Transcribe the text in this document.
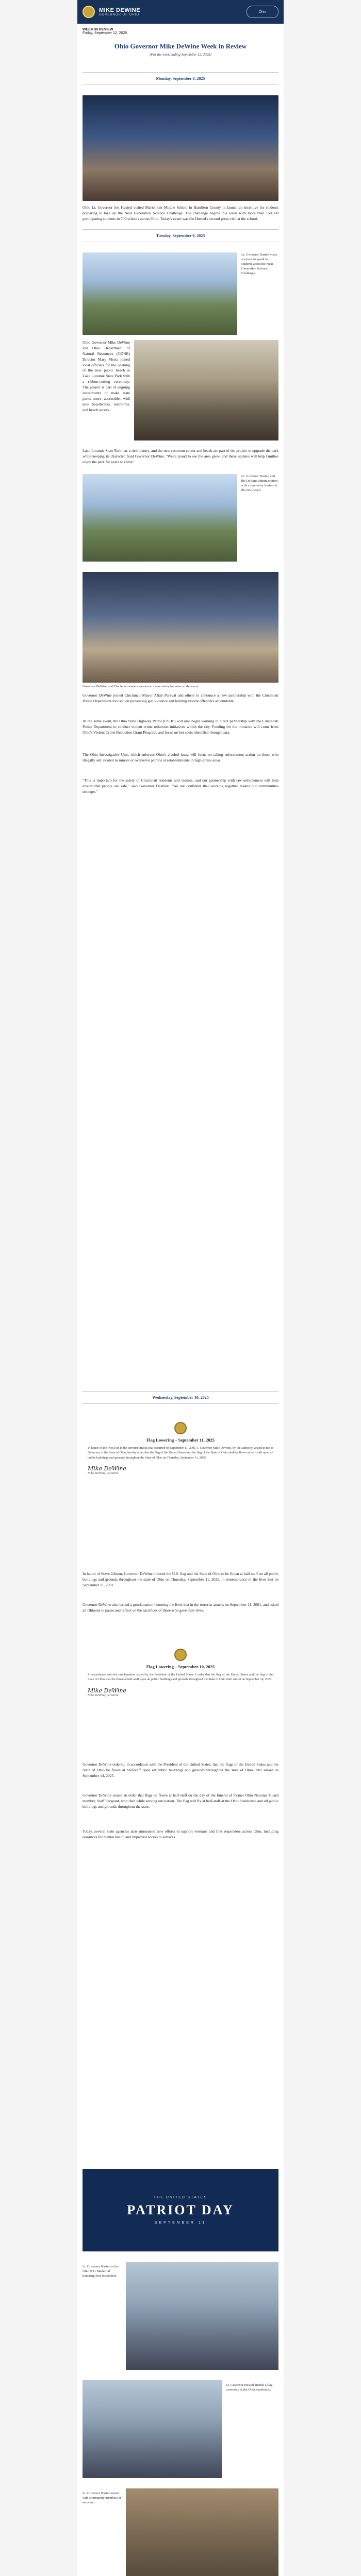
MIKE DEWINE
GOVERNOR OF OHIO
Ohio
WEEK IN REVIEW
Friday, September 12, 2025
Ohio Governor Mike DeWine Week in Review
(For the week ending September 12, 2025)
Monday, September 8, 2025
Ohio Lt. Governor Jon Husted visited Mariemont Middle School in Hamilton County to launch an incentive for students preparing to take on the Next Generation Science Challenge. The challenge begins this week with more than 150,000 participating students in 700 schools across Ohio. Today's event was the Husted's second press visit at the school.
Tuesday, September 9, 2025
Lt. Governor Husted visits a school to speak to students about the Next Generation Science Challenge.
Ohio Governor Mike DeWine and Ohio Department of Natural Resources (ODNR) Director Mary Mertz joined local officials for the opening of the new public beach at Lake Loramie State Park with a ribbon-cutting ceremony. The project is part of ongoing investments to make state parks more accessible, with new boardwalks, restrooms, and beach access.
Lake Loramie State Park has a rich history, and the new restroom center and beach are part of the project to upgrade the park while keeping its character. Said Governor DeWine, "We're proud to see the area grow, and these updates will help families enjoy the park for years to come."
Lt. Governor Husted and the DeWine administration with community leaders at the new beach.
Governor DeWine and Cincinnati leaders announce a new safety initiative at the event.
Governor DeWine joined Cincinnati Mayor Aftab Pureval and others to announce a new partnership with the Cincinnati Police Department focused on preventing gun violence and holding violent offenders accountable.
At the same event, the Ohio State Highway Patrol (OSHP) will also begin working in direct partnership with the Cincinnati Police Department to conduct violent crime reduction initiatives within the city. Funding for the initiative will come from Ohio's Violent Crime Reduction Grant Program, and focus on hot spots identified through data.
The Ohio Investigative Unit, which enforces Ohio's alcohol laws, will focus on taking enforcement action on those who illegally sell alcohol to minors or overserve patrons at establishments in high-crime areas.
"This is important for the safety of Cincinnati residents and visitors, and our partnership with law enforcement will help ensure that people are safe," said Governor DeWine. "We are confident that working together makes our communities stronger."
Wednesday, September 10, 2025
Flag Lowering – September 11, 2025
In honor of the lives lost in the terrorist attacks that occurred on September 11, 2001, I, Governor Mike DeWine, by the authority vested in me as Governor of the State of Ohio, hereby order that the flag of the United States and the flag of the State of Ohio shall be flown at half-staff upon all public buildings and grounds throughout the State of Ohio on Thursday, September 11, 2025.
Mike DeWine
Mike DeWine, Governor
In honor of Steve Gibson, Governor DeWine ordered the U.S. flag and the State of Ohio to be flown at half-staff on all public buildings and grounds throughout the state of Ohio on Thursday, September 11, 2025, in remembrance of the lives lost on September 11, 2001.
Governor DeWine also issued a proclamation honoring the lives lost in the terrorist attacks on September 11, 2001, and asked all Ohioans to pause and reflect on the sacrifices of those who gave their lives.
Flag Lowering – September 10, 2025
In accordance with the proclamation issued by the President of the United States, I order that the flag of the United States and the flag of the State of Ohio shall be flown at half-staff upon all public buildings and grounds throughout the State of Ohio until sunset on September 14, 2025.
Mike DeWine
Mike DeWine, Governor
Governor DeWine ordered, in accordance with the President of the United States, that the flags of the United States and the State of Ohio be flown at half-staff upon all public buildings and grounds throughout the state of Ohio until sunset on September 14, 2025.
Governor DeWine issued an order that flags be flown at half-staff on the day of the funeral of former Ohio National Guard member, Staff Sergeant, who died while serving our nation. The flag will fly at half-staff at the Ohio Statehouse and all public buildings and grounds throughout the state.
Today, several state agencies also announced new efforts to support veterans and first responders across Ohio, including resources for mental health and improved access to services.
THE UNITED STATES
PATRIOT DAY
SEPTEMBER 11
Lt. Governor Husted at the Ohio 9/11 Memorial honoring first responders.
Lt. Governor Husted attends a flag ceremony at the Ohio Statehouse.
Lt. Governor Husted meets with community members at an event.
